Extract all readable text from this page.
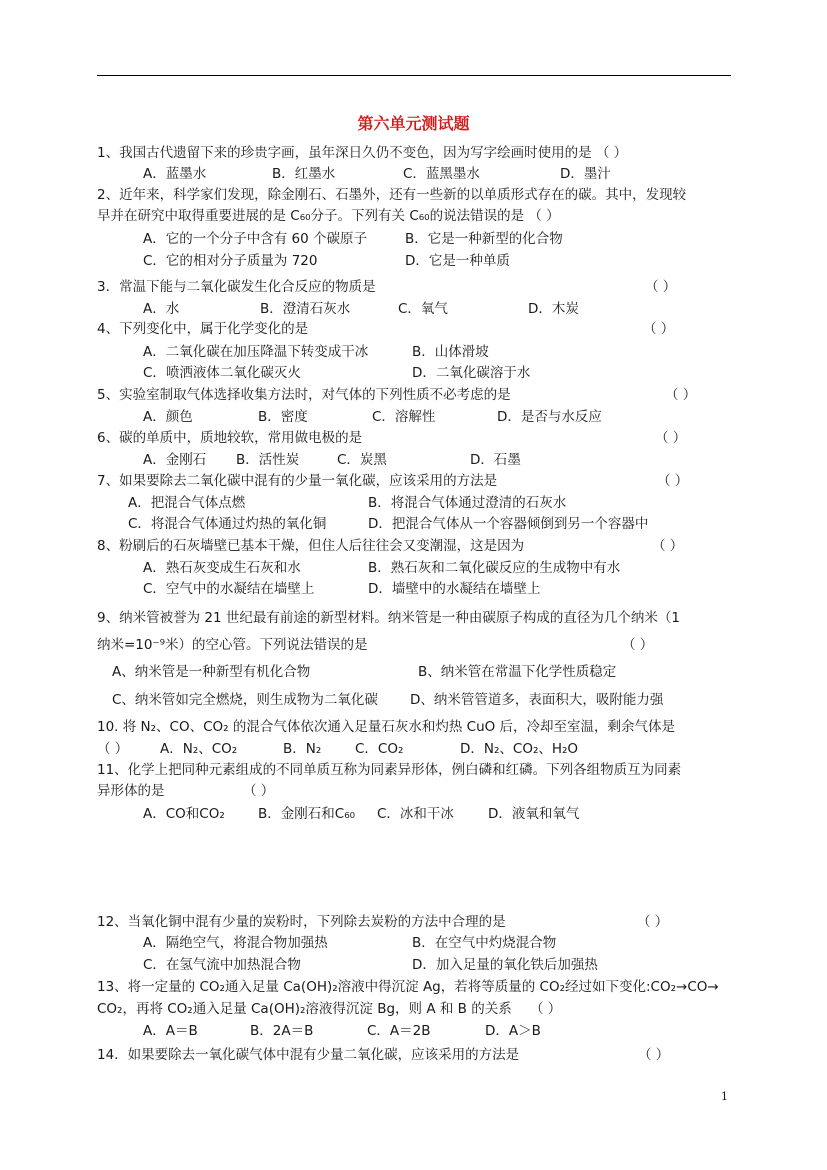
第六单元测试题
1、我国古代遗留下来的珍贵字画，虽年深日久仍不变色，因为写字绘画时使用的是 （ ）
A．蓝墨水	B．红墨水	C．蓝黑墨水	D．墨汁
2、近年来，科学家们发现，除金刚石、石墨外，还有一些新的以单质形式存在的碳。其中，发现较
早并在研究中取得重要进展的是 C₆₀分子。下列有关 C₆₀的说法错误的是 （ ）
A．它的一个分子中含有 60 个碳原子	B．它是一种新型的化合物
C．它的相对分子质量为 720	D．它是一种单质
3．常温下能与二氧化碳发生化合反应的物质是	（ ）
A．水	B．澄清石灰水	C．氧气	D．木炭
4、下列变化中，属于化学变化的是	（ ）
A．二氧化碳在加压降温下转变成干冰	B．山体滑坡
C．喷洒液体二氧化碳灭火	D．二氧化碳溶于水
5、实验室制取气体选择收集方法时，对气体的下列性质不必考虑的是	（ ）
A．颜色	B．密度	C．溶解性	D．是否与水反应
6、碳的单质中，质地较软，常用做电极的是	（ ）
A．金刚石 B．活性炭	C．炭黑	D．石墨
7、如果要除去二氧化碳中混有的少量一氧化碳，应该采用的方法是	（ ）
A．把混合气体点燃	B．将混合气体通过澄清的石灰水
C．将混合气体通过灼热的氧化铜	D．把混合气体从一个容器倾倒到另一个容器中
8、粉刷后的石灰墙壁已基本干燥，但住人后往往会又变潮湿，这是因为	（ ）
A．熟石灰变成生石灰和水	B．熟石灰和二氧化碳反应的生成物中有水
C．空气中的水凝结在墙壁上	D．墙壁中的水凝结在墙壁上
9、纳米管被誉为 21 世纪最有前途的新型材料。纳米管是一种由碳原子构成的直径为几个纳米（1
纳米=10⁻⁹米）的空心管。下列说法错误的是	（ ）
A、纳米管是一种新型有机化合物	B、纳米管在常温下化学性质稳定
C、纳米管如完全燃烧，则生成物为二氧化碳 D、纳米管管道多，表面积大，吸附能力强
10. 将 N₂、CO、CO₂ 的混合气体依次通入足量石灰水和灼热 CuO 后，冷却至室温，剩余气体是
（ ） A．N₂、CO₂	B．N₂ C．CO₂	D．N₂、CO₂、H₂O
11、化学上把同种元素组成的不同单质互称为同素异形体，例白磷和红磷。下列各组物质互为同素
异形体的是	（ ）
A．CO和CO₂ B．金刚石和C₆₀ C．冰和干冰	D．液氧和氧气
12、当氧化铜中混有少量的炭粉时，下列除去炭粉的方法中合理的是	（ ）
A．隔绝空气，将混合物加强热	B．在空气中灼烧混合物
C．在氢气流中加热混合物	D．加入足量的氧化铁后加强热
13、将一定量的 CO₂通入足量 Ca(OH)₂溶液中得沉淀 Ag，若将等质量的 CO₂经过如下变化:CO₂→CO→
CO₂，再将 CO₂通入足量 Ca(OH)₂溶液得沉淀 Bg，则 A 和 B 的关系 （ ）
A．A＝B	B．2A＝B	C．A＝2B	D．A＞B
14．如果要除去一氧化碳气体中混有少量二氧化碳，应该采用的方法是	（ ）
1
